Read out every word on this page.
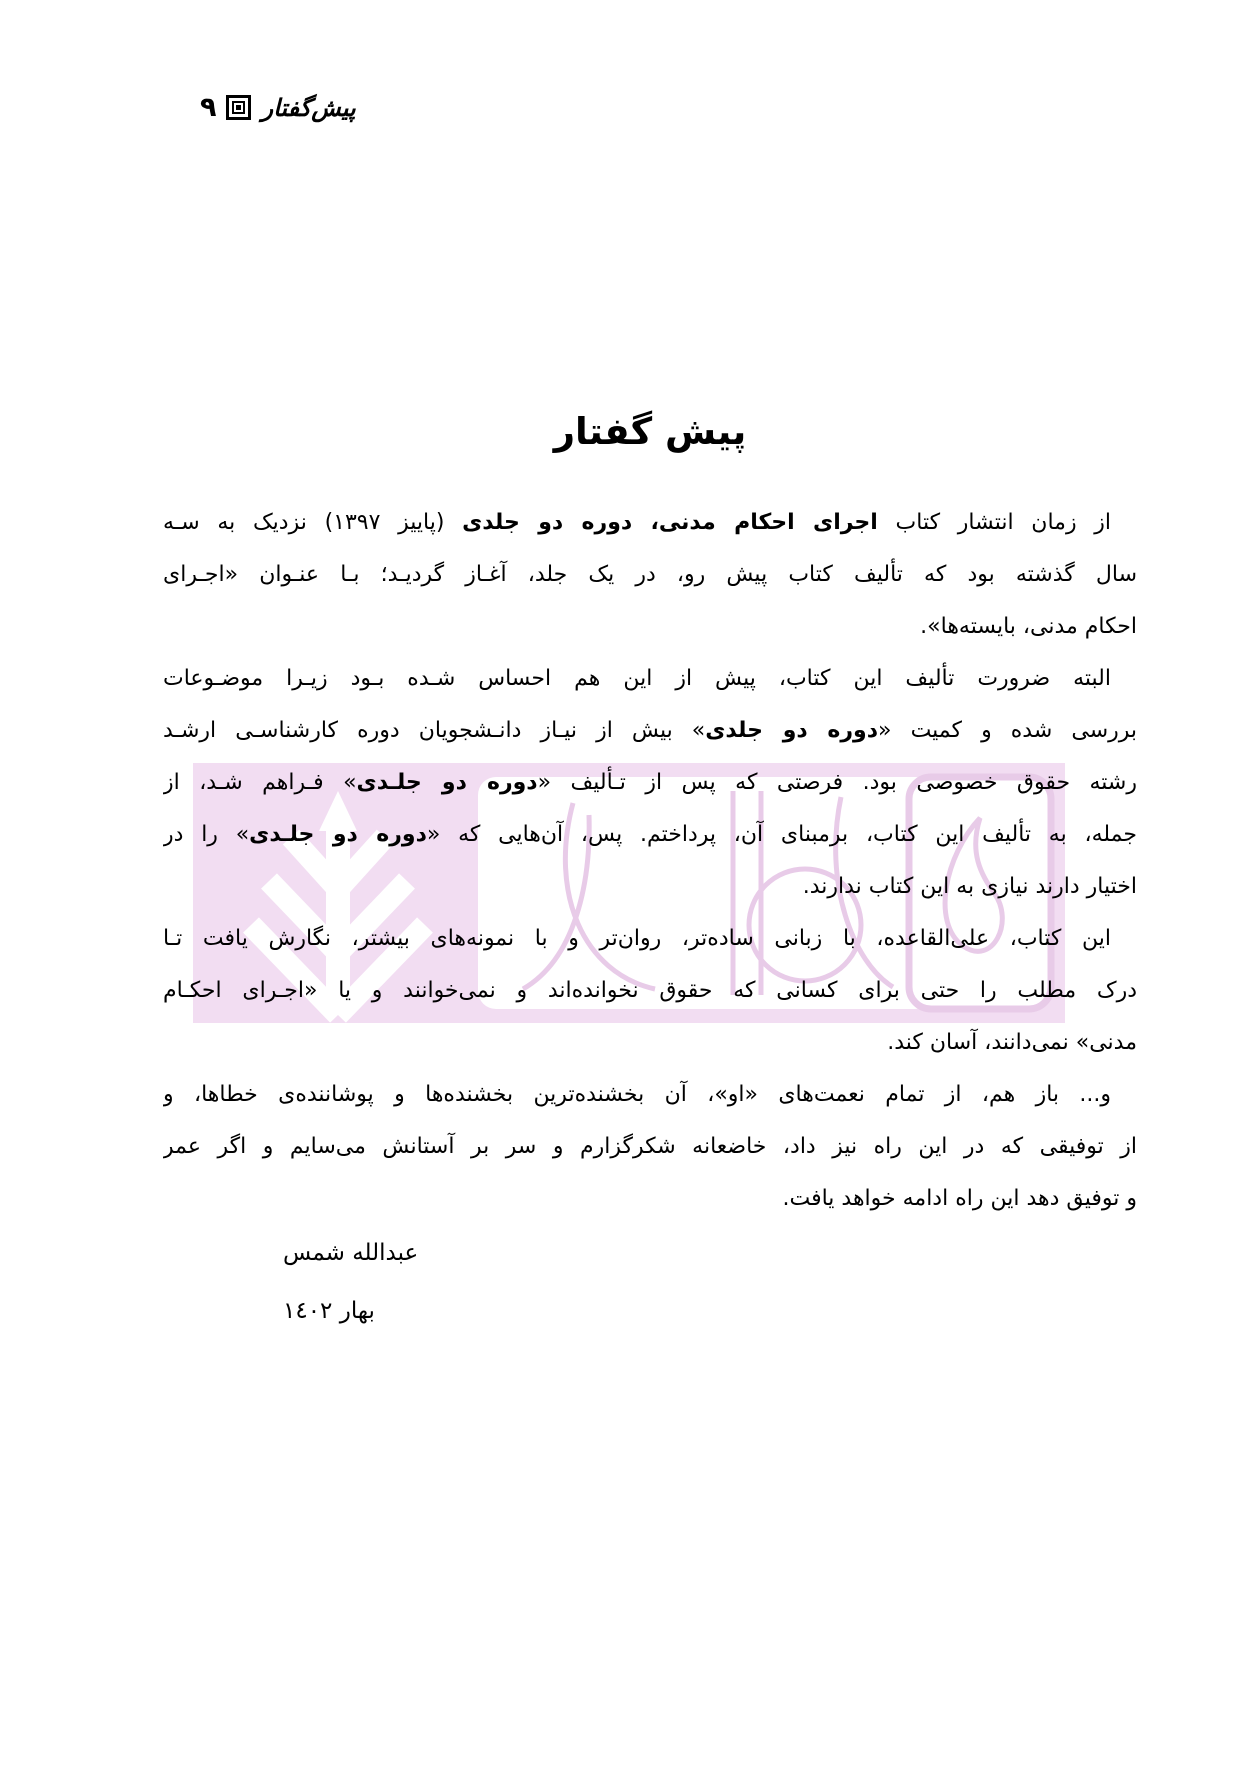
۹ پیش‌گفتار
پیش گفتار
از زمان انتشار کتاب اجرای احکام مدنی، دوره دو جلدی (پاییز ۱۳۹۷) نزدیک به سـه
سال گذشته بود که تألیف کتاب پیش رو، در یک جلد، آغـاز گردیـد؛ بـا عنـوان «اجـرای
احکام مدنی، بایسته‌ها».
البته ضرورت تألیف این کتاب، پیش از این هم احساس شـده بـود زیـرا موضـوعات
بررسی شده و کمیت «دوره دو جلدی» بیش از نیـاز دانـشجویان دوره کارشناسـی ارشـد
رشته حقوق خصوصی بود. فرصتی که پس از تـألیف «دوره دو جلـدی» فـراهم شـد، از
جمله، به تألیف این کتاب، برمبنای آن، پرداختم. پس، آن‌هایی که «دوره دو جلـدی» را در
اختیار دارند نیازی به این کتاب ندارند.
این کتاب، علی‌القاعده، با زبانی ساده‌تر، روان‌تر و با نمونه‌های بیشتر، نگارش یافت تـا
درک مطلب را حتی برای کسانی که حقوق نخوانده‌اند و نمی‌خوانند و یا «اجـرای احکـام
مدنی» نمی‌دانند، آسان کند.
و... باز هم، از تمام نعمت‌های «او»، آن بخشنده‌ترین بخشنده‌ها و پوشاننده‌ی خطاها، و
از توفیقی که در این راه نیز داد، خاضعانه شکرگزارم و سر بر آستانش می‌سایم و اگر عمر
و توفیق دهد این راه ادامه خواهد یافت.
عبدالله شمس
بهار ۱٤۰۲
